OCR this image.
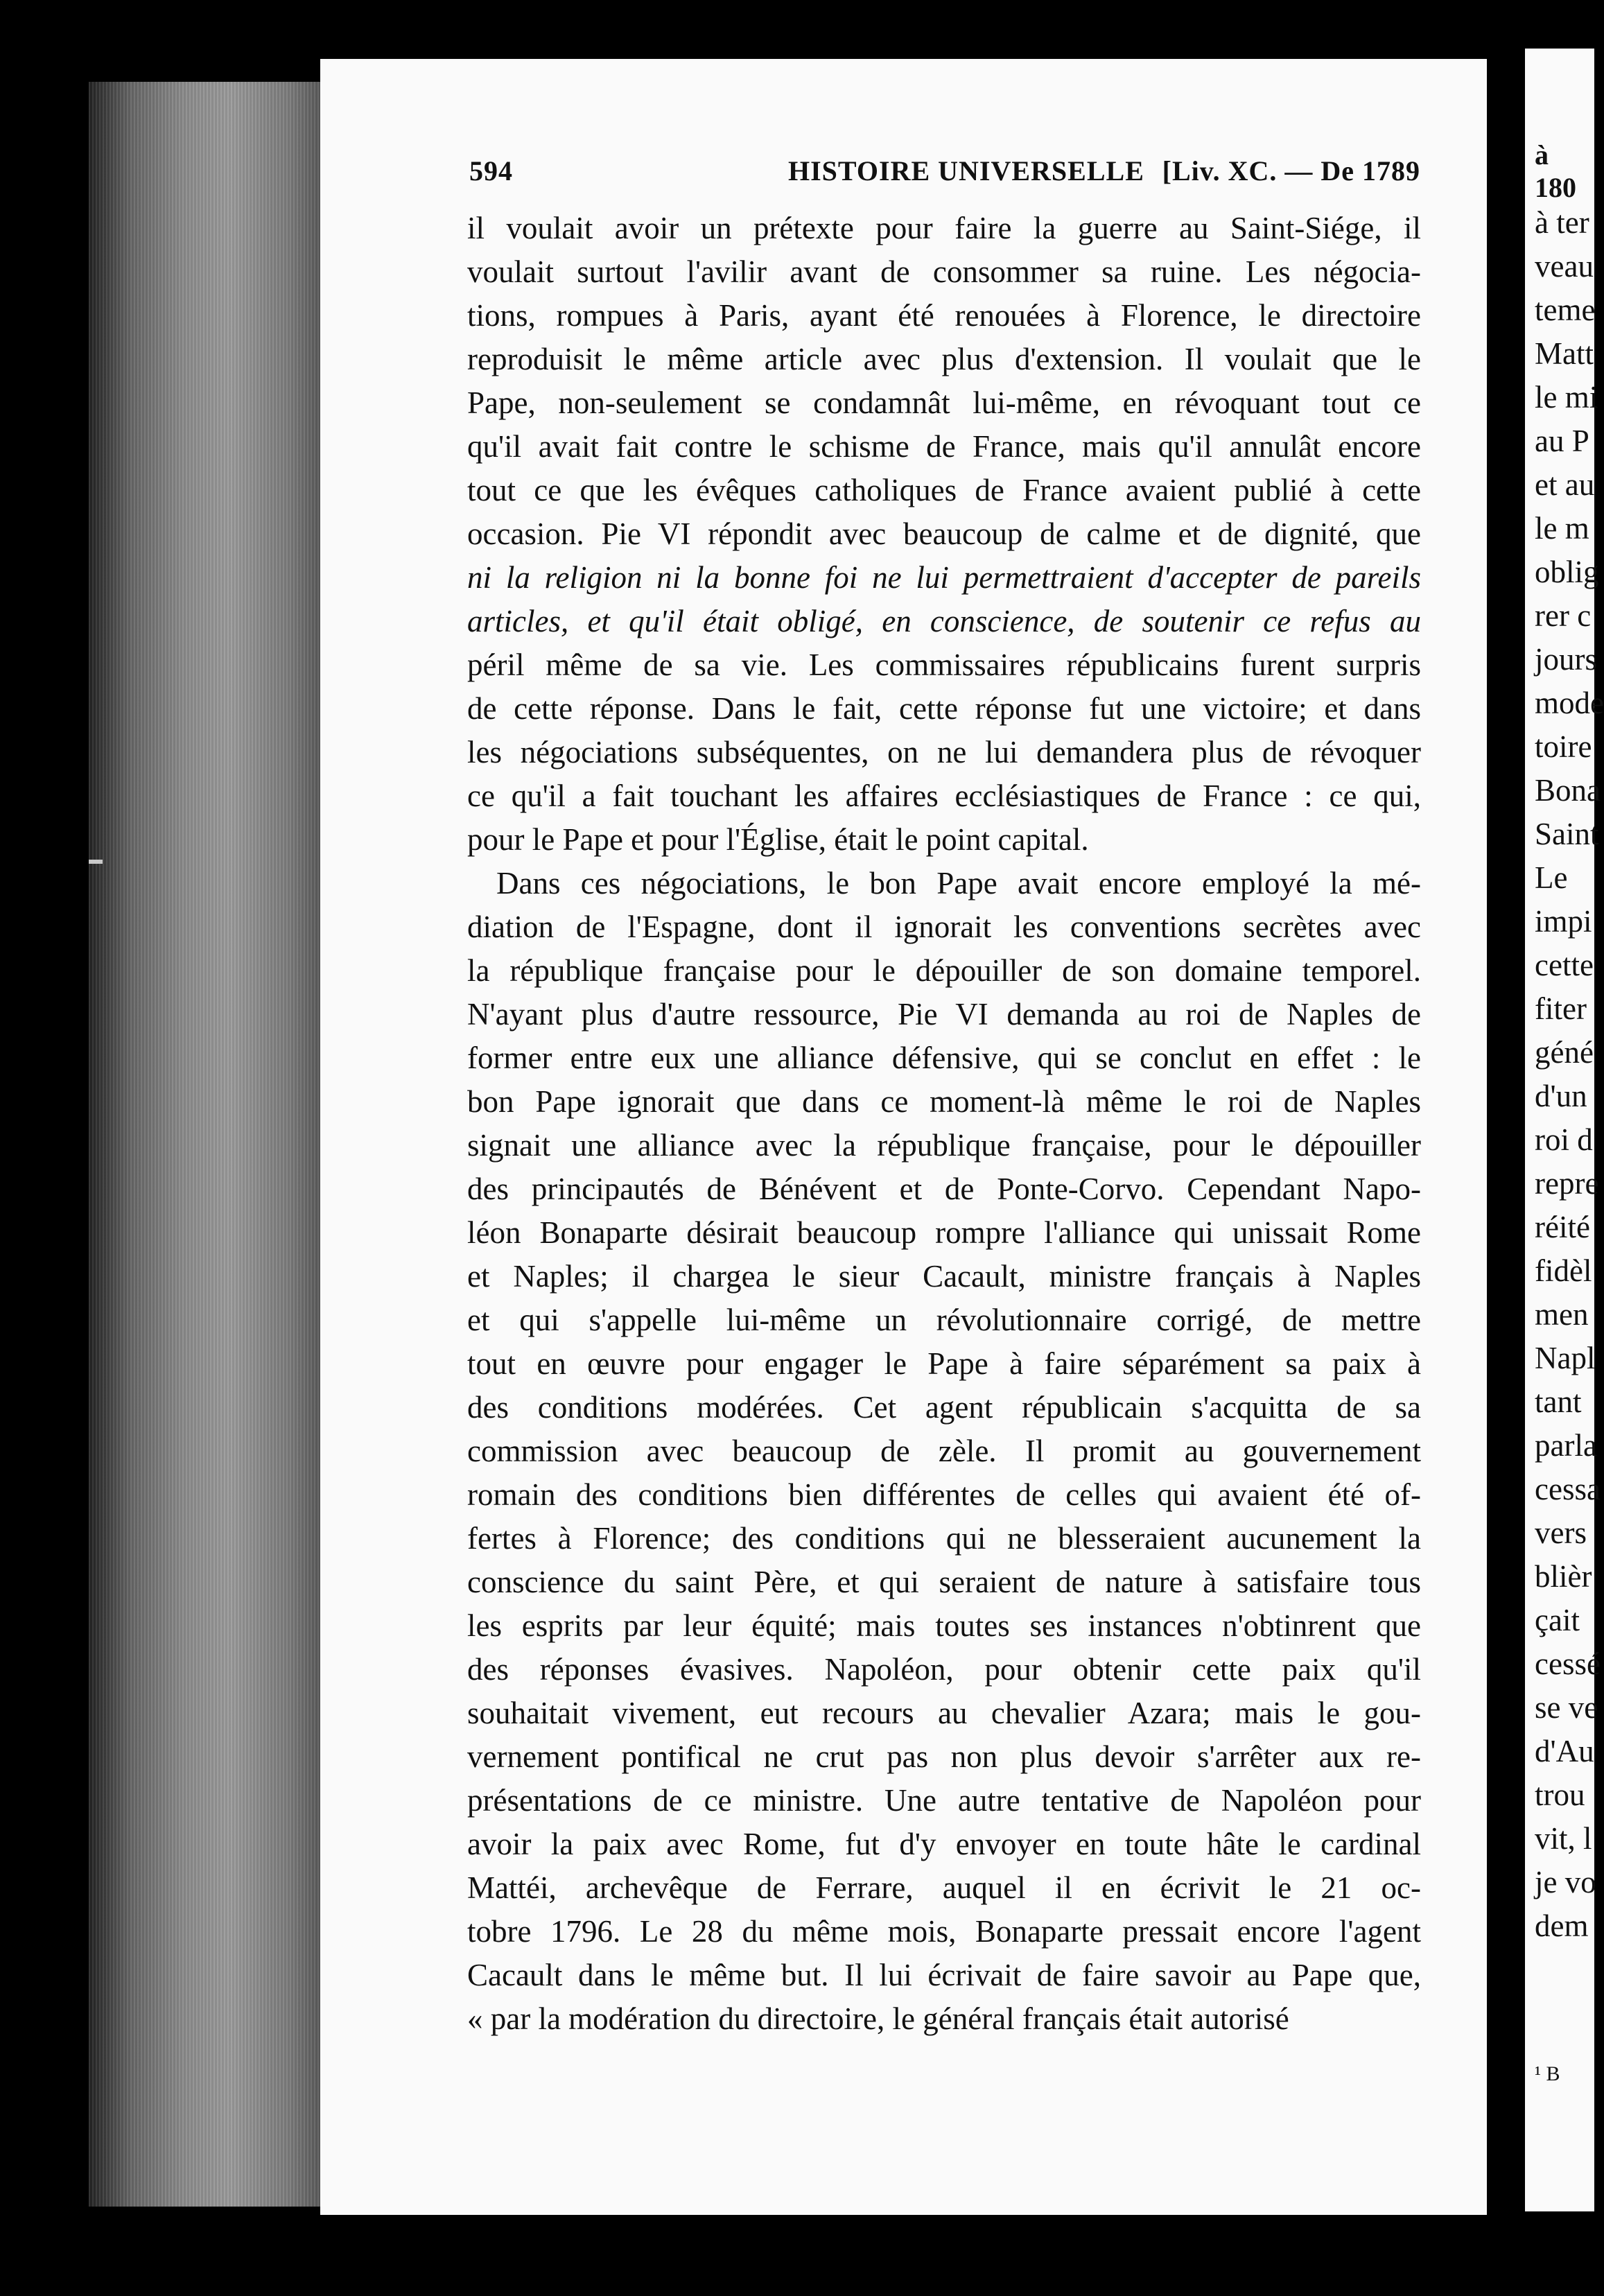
594	HISTOIRE UNIVERSELLE [Liv. XC. — De 1789
il voulait avoir un prétexte pour faire la guerre au Saint-Siége, il
voulait surtout l'avilir avant de consommer sa ruine. Les négocia-
tions, rompues à Paris, ayant été renouées à Florence, le directoire
reproduisit le même article avec plus d'extension. Il voulait que le
Pape, non-seulement se condamnât lui-même, en révoquant tout ce
qu'il avait fait contre le schisme de France, mais qu'il annulât encore
tout ce que les évêques catholiques de France avaient publié à cette
occasion. Pie VI répondit avec beaucoup de calme et de dignité, que
ni la religion ni la bonne foi ne lui permettraient d'accepter de pareils
articles, et qu'il était obligé, en conscience, de soutenir ce refus au
péril même de sa vie. Les commissaires républicains furent surpris
de cette réponse. Dans le fait, cette réponse fut une victoire; et dans
les négociations subséquentes, on ne lui demandera plus de révoquer
ce qu'il a fait touchant les affaires ecclésiastiques de France : ce qui,
pour le Pape et pour l'Église, était le point capital.
Dans ces négociations, le bon Pape avait encore employé la mé-
diation de l'Espagne, dont il ignorait les conventions secrètes avec
la république française pour le dépouiller de son domaine temporel.
N'ayant plus d'autre ressource, Pie VI demanda au roi de Naples de
former entre eux une alliance défensive, qui se conclut en effet : le
bon Pape ignorait que dans ce moment-là même le roi de Naples
signait une alliance avec la république française, pour le dépouiller
des principautés de Bénévent et de Ponte-Corvo. Cependant Napo-
léon Bonaparte désirait beaucoup rompre l'alliance qui unissait Rome
et Naples; il chargea le sieur Cacault, ministre français à Naples
et qui s'appelle lui-même un révolutionnaire corrigé, de mettre
tout en œuvre pour engager le Pape à faire séparément sa paix à
des conditions modérées. Cet agent républicain s'acquitta de sa
commission avec beaucoup de zèle. Il promit au gouvernement
romain des conditions bien différentes de celles qui avaient été of-
fertes à Florence; des conditions qui ne blesseraient aucunement la
conscience du saint Père, et qui seraient de nature à satisfaire tous
les esprits par leur équité; mais toutes ses instances n'obtinrent que
des réponses évasives. Napoléon, pour obtenir cette paix qu'il
souhaitait vivement, eut recours au chevalier Azara; mais le gou-
vernement pontifical ne crut pas non plus devoir s'arrêter aux re-
présentations de ce ministre. Une autre tentative de Napoléon pour
avoir la paix avec Rome, fut d'y envoyer en toute hâte le cardinal
Mattéi, archevêque de Ferrare, auquel il en écrivit le 21 oc-
tobre 1796. Le 28 du même mois, Bonaparte pressait encore l'agent
Cacault dans le même but. Il lui écrivait de faire savoir au Pape que,
« par la modération du directoire, le général français était autorisé
à 180
à ter
veau
teme
Matt
le mi
au P
et au
le m
oblig
rer c
jours
mode
toire
Bona
Saint
Le
impi
cette
fiter
géné
d'un
roi d
repre
réité
fidèl
men
Napl
tant
parla
cessa
vers
blièr
çait
cessé
se ve
d'Au
trou
vit, l
je vo
dem
¹ B
